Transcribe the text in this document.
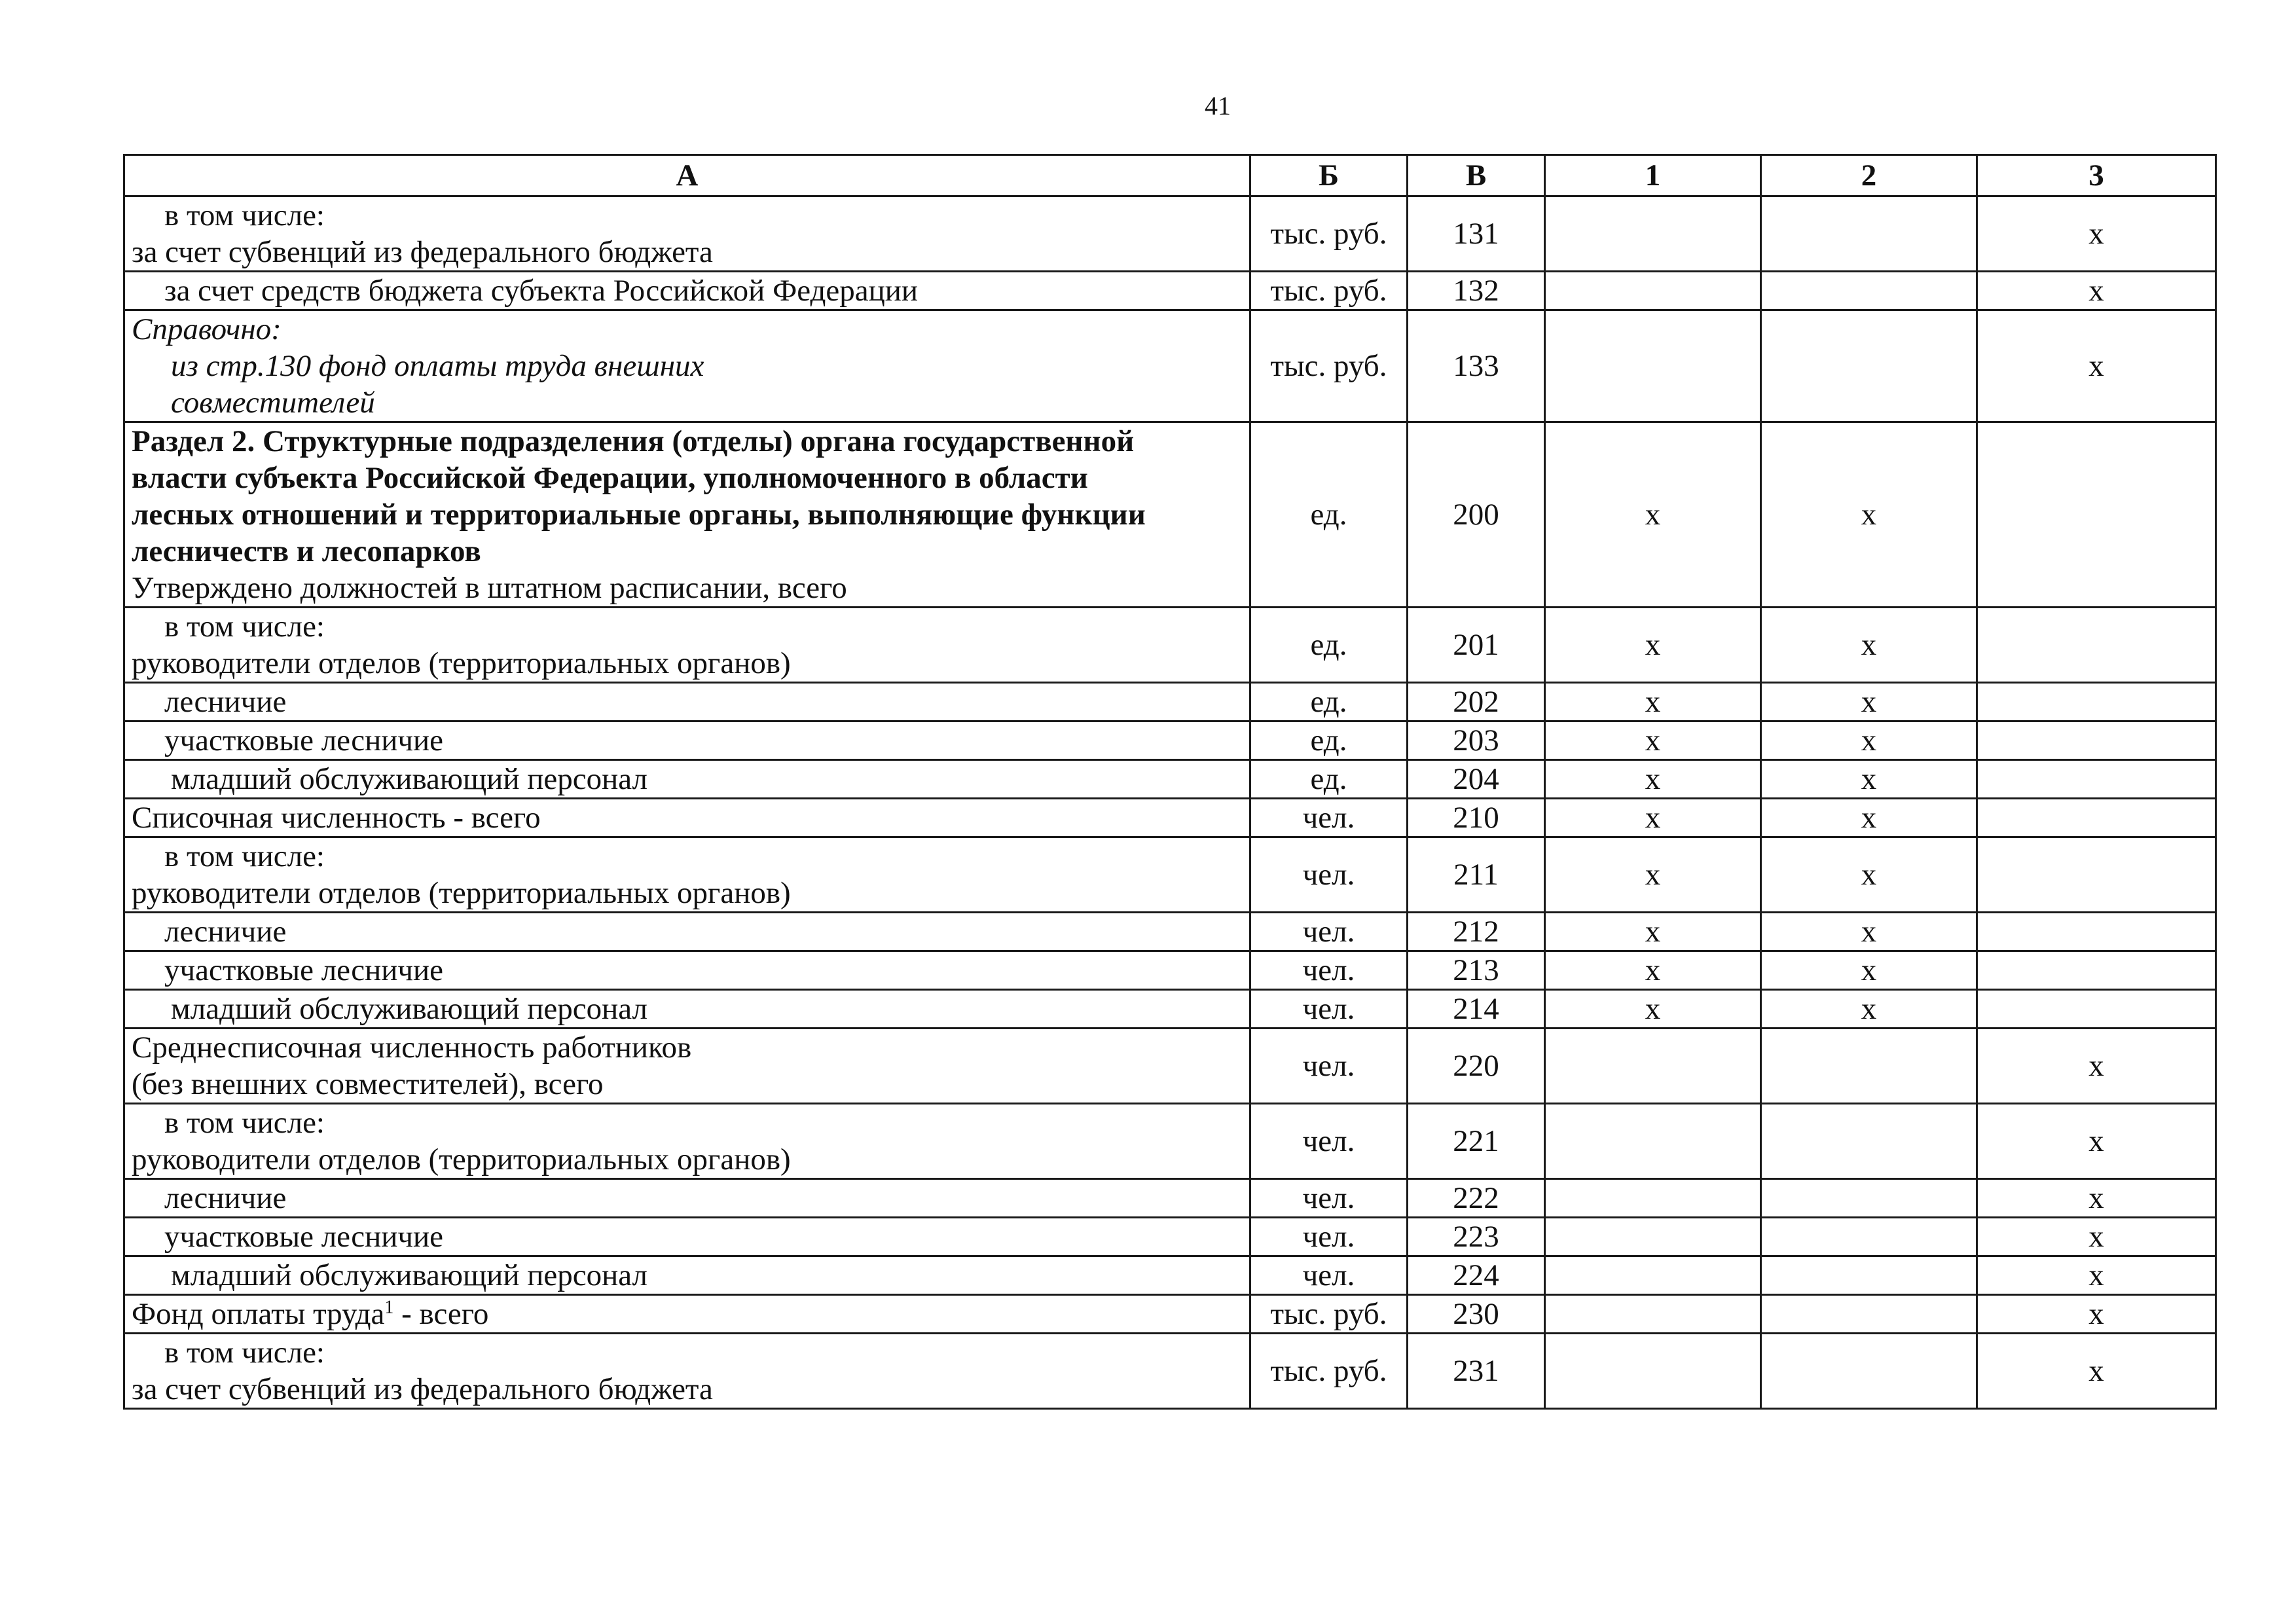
41
А	Б	В	1	2	3

в том числе:
за счет субвенций из федерального бюджета	тыс. руб.	131			x

за счет средств бюджета субъекта Российской Федерации	тыс. руб.	132			x

Справочно:
из стр.130 фонд оплаты труда внешних
совместителей	тыс. руб.	133			x

Раздел 2. Структурные подразделения (отделы) органа государственной
власти субъекта Российской Федерации, уполномоченного в области
лесных отношений и территориальные органы, выполняющие функции
лесничеств и лесопарков
Утверждено должностей в штатном расписании, всего	ед.	200	x	x	

в том числе:
руководители отделов (территориальных органов)	ед.	201	x	x	

лесничие	ед.	202	x	x	

участковые лесничие	ед.	203	x	x	

младший обслуживающий персонал	ед.	204	x	x	

Списочная численность - всего	чел.	210	x	x	

в том числе:
руководители отделов (территориальных органов)	чел.	211	x	x	

лесничие	чел.	212	x	x	

участковые лесничие	чел.	213	x	x	

младший обслуживающий персонал	чел.	214	x	x	

Среднесписочная численность работников
(без внешних совместителей), всего	чел.	220			x

в том числе:
руководители отделов (территориальных органов)	чел.	221			x

лесничие	чел.	222			x

участковые лесничие	чел.	223			x

младший обслуживающий персонал	чел.	224			x

Фонд оплаты труда$^1$ - всего	тыс. руб.	230			x

в том числе:
за счет субвенций из федерального бюджета	тыс. руб.	231			x
